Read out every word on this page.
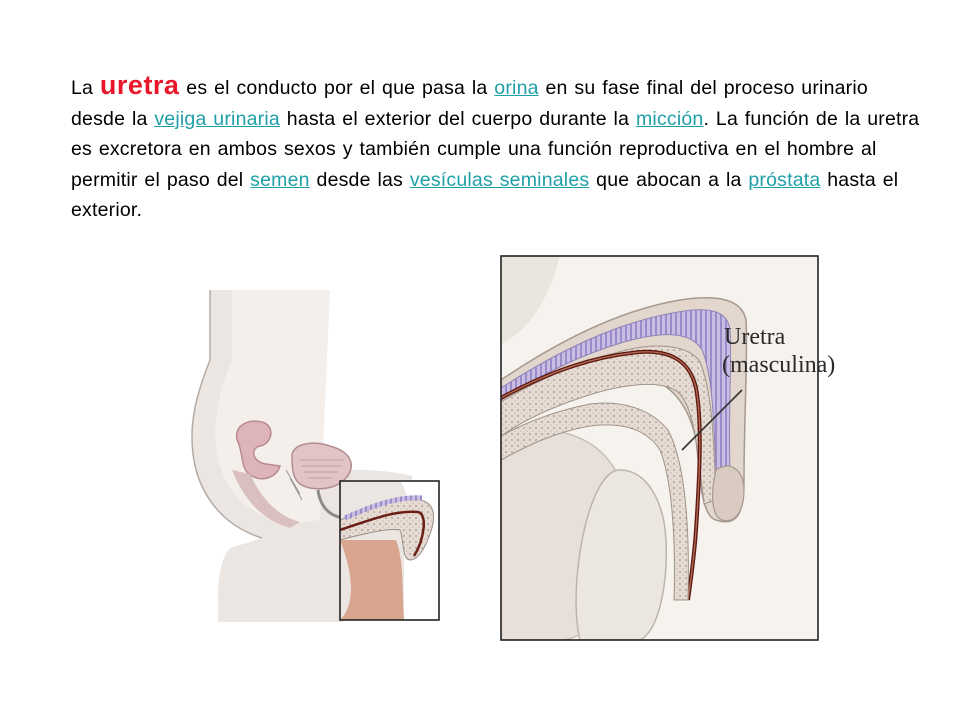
La uretra es el conducto por el que pasa la orina en su fase final del proceso urinario desde la vejiga urinaria hasta el exterior del cuerpo durante la micción. La función de la uretra es excretora en ambos sexos y también cumple una función reproductiva en el hombre al permitir el paso del semen desde las vesículas seminales que abocan a la próstata hasta el exterior.

Uretra
(masculina)
